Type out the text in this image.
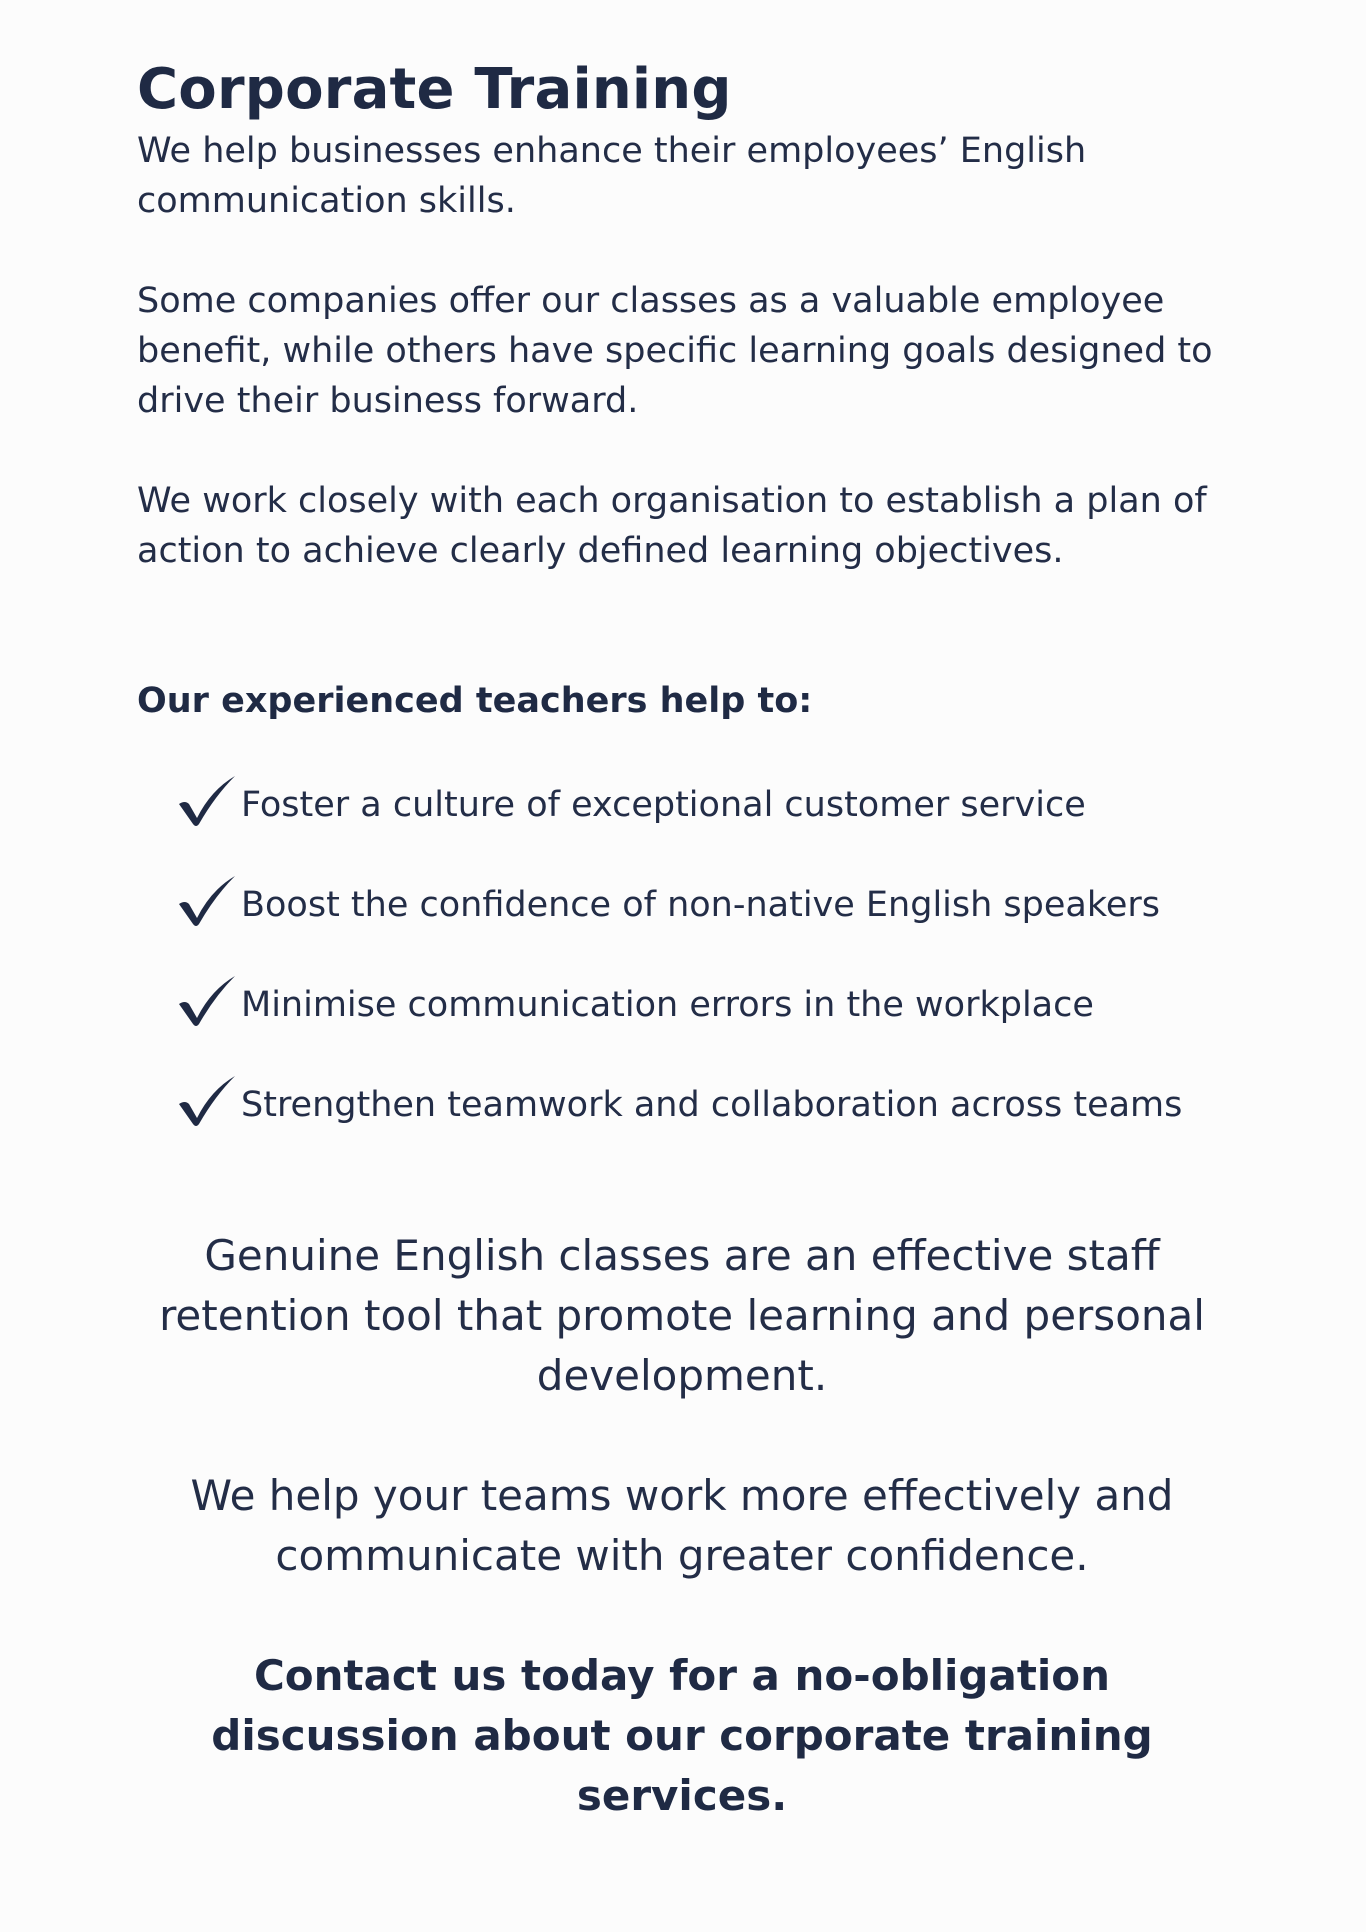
Corporate Training

We help businesses enhance their employees’ English communication skills.

Some companies offer our classes as a valuable employee benefit, while others have specific learning goals designed to drive their business forward.

We work closely with each organisation to establish a plan of action to achieve clearly defined learning objectives.

Our experienced teachers help to:
Foster a culture of exceptional customer service
Boost the confidence of non-native English speakers
Minimise communication errors in the workplace
Strengthen teamwork and collaboration across teams

Genuine English classes are an effective staff retention tool that promote learning and personal development.

We help your teams work more effectively and communicate with greater confidence.

Contact us today for a no-obligation discussion about our corporate training services.
